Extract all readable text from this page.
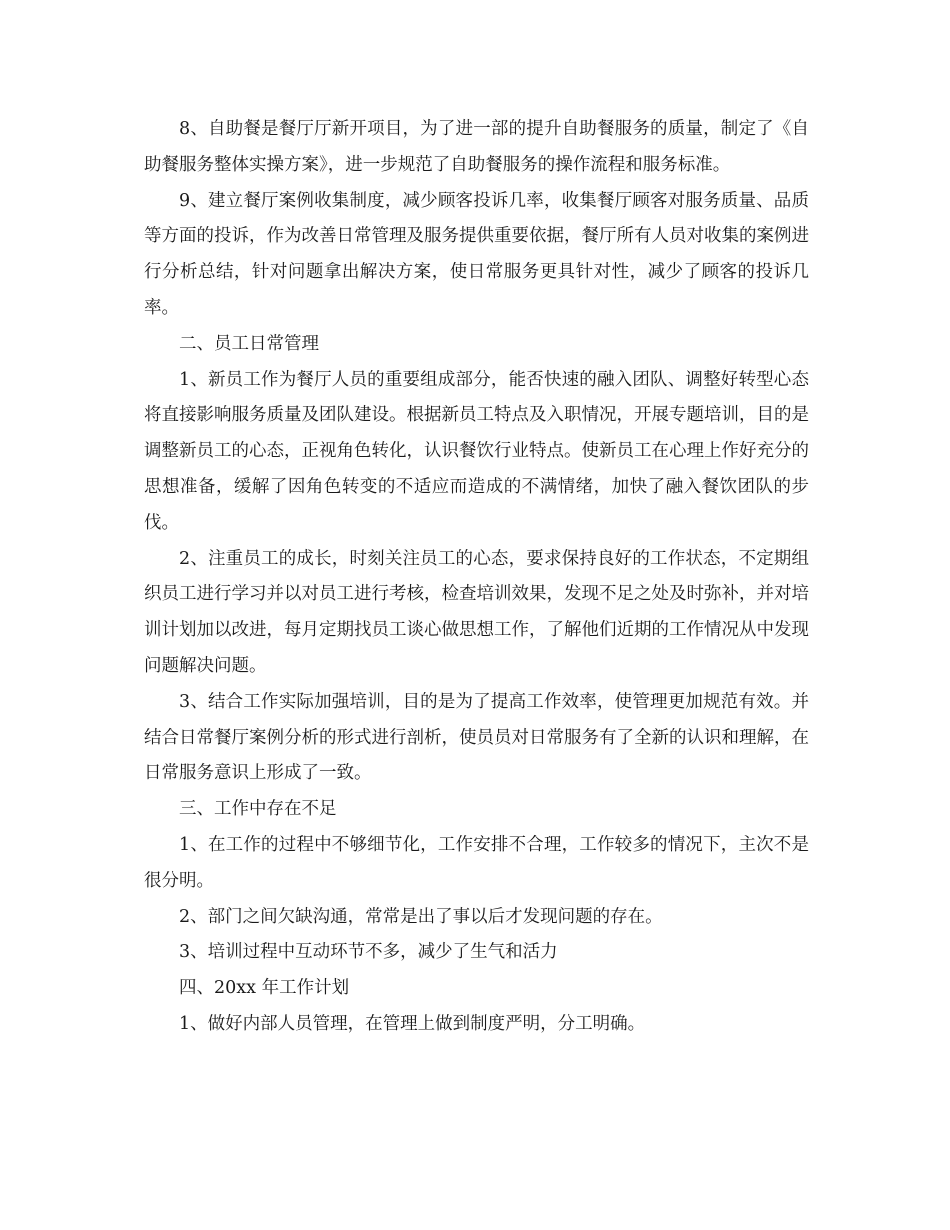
8、自助餐是餐厅厅新开项目，为了进一部的提升自助餐服务的质量，制定了《自助餐服务整体实操方案》，进一步规范了自助餐服务的操作流程和服务标准。

9、建立餐厅案例收集制度，减少顾客投诉几率，收集餐厅顾客对服务质量、品质等方面的投诉，作为改善日常管理及服务提供重要依据，餐厅所有人员对收集的案例进行分析总结，针对问题拿出解决方案，使日常服务更具针对性，减少了顾客的投诉几率。

二、员工日常管理

1、新员工作为餐厅人员的重要组成部分，能否快速的融入团队、调整好转型心态将直接影响服务质量及团队建设。根据新员工特点及入职情况，开展专题培训，目的是调整新员工的心态，正视角色转化，认识餐饮行业特点。使新员工在心理上作好充分的思想准备，缓解了因角色转变的不适应而造成的不满情绪，加快了融入餐饮团队的步伐。

2、注重员工的成长，时刻关注员工的心态，要求保持良好的工作状态，不定期组织员工进行学习并以对员工进行考核，检查培训效果，发现不足之处及时弥补，并对培训计划加以改进，每月定期找员工谈心做思想工作，了解他们近期的工作情况从中发现问题解决问题。

3、结合工作实际加强培训，目的是为了提高工作效率，使管理更加规范有效。并结合日常餐厅案例分析的形式进行剖析，使员员对日常服务有了全新的认识和理解，在日常服务意识上形成了一致。

三、工作中存在不足

1、在工作的过程中不够细节化，工作安排不合理，工作较多的情况下，主次不是很分明。

2、部门之间欠缺沟通，常常是出了事以后才发现问题的存在。

3、培训过程中互动环节不多，减少了生气和活力

四、20xx 年工作计划

1、做好内部人员管理，在管理上做到制度严明，分工明确。
